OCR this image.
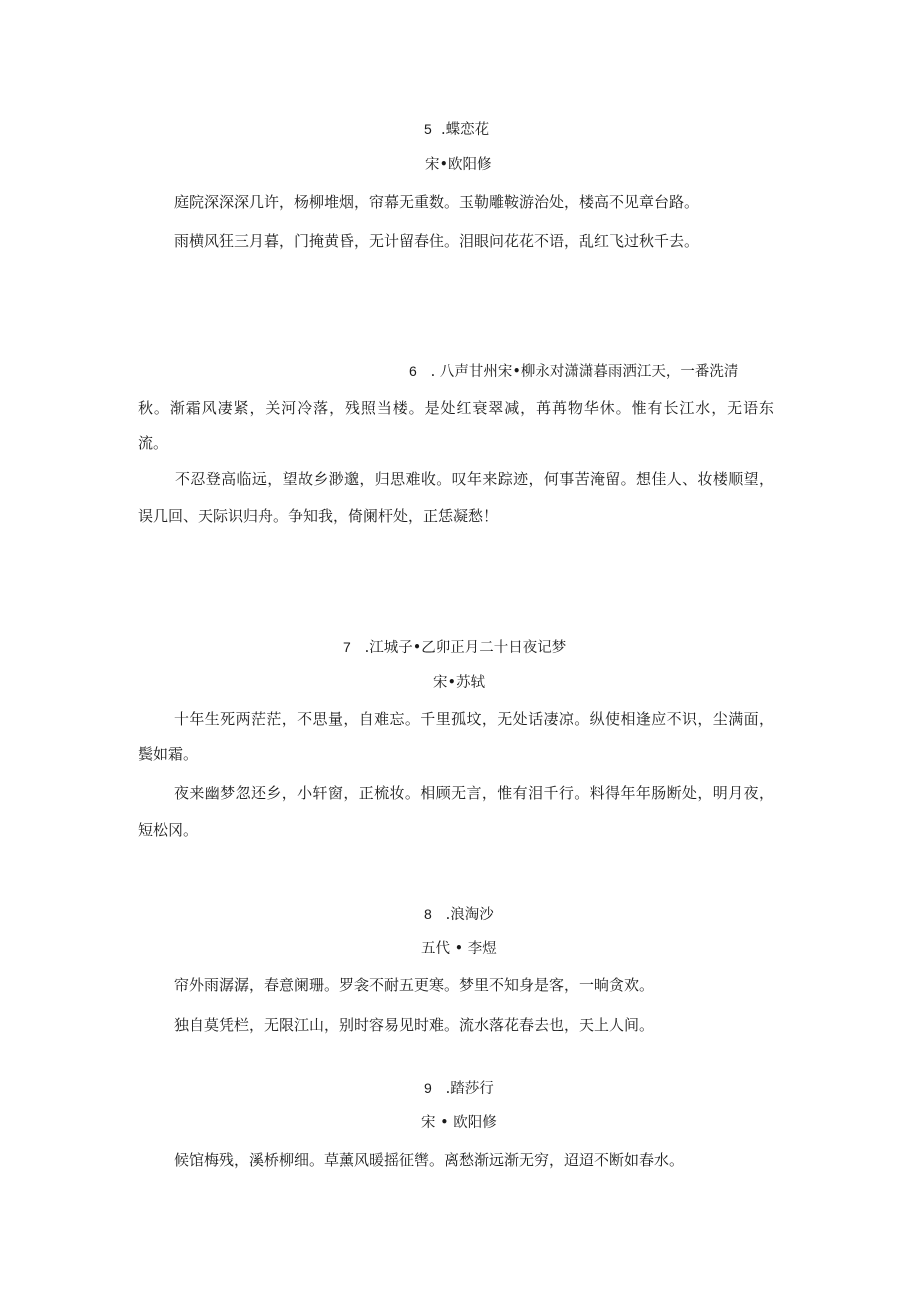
5 .蝶恋花
宋•欧阳修
庭院深深深几许，杨柳堆烟，帘幕无重数。玉勒雕鞍游治处，楼高不见章台路。
雨横风狂三月暮，门掩黄昏，无计留春住。泪眼问花花不语，乱红飞过秋千去。
6 . 八声甘州宋•柳永对潇潇暮雨洒江天，一番洗清
秋。渐霜风凄紧，关河冷落，残照当楼。是处红衰翠减，苒苒物华休。惟有长江水，无语东
流。
不忍登高临远，望故乡渺邈，归思难收。叹年来踪迹，何事苦淹留。想佳人、妆楼顺望，
误几回、天际识归舟。争知我，倚阑杆处，正恁凝愁！
7 .江城子•乙卯正月二十日夜记梦
宋•苏轼
十年生死两茫茫，不思量，自难忘。千里孤坟，无处话凄凉。纵使相逢应不识，尘满面，
鬓如霜。
夜来幽梦忽还乡，小轩窗，正梳妆。相顾无言，惟有泪千行。料得年年肠断处，明月夜，
短松冈。
8 .浪淘沙
五代 • 李煜
帘外雨潺潺，春意阑珊。罗衾不耐五更寒。梦里不知身是客，一晌贪欢。
独自莫凭栏，无限江山，别时容易见时难。流水落花春去也，天上人间。
9 .踏莎行
宋 • 欧阳修
候馆梅残，溪桥柳细。草薰风暖摇征辔。离愁渐远渐无穷，迢迢不断如春水。
